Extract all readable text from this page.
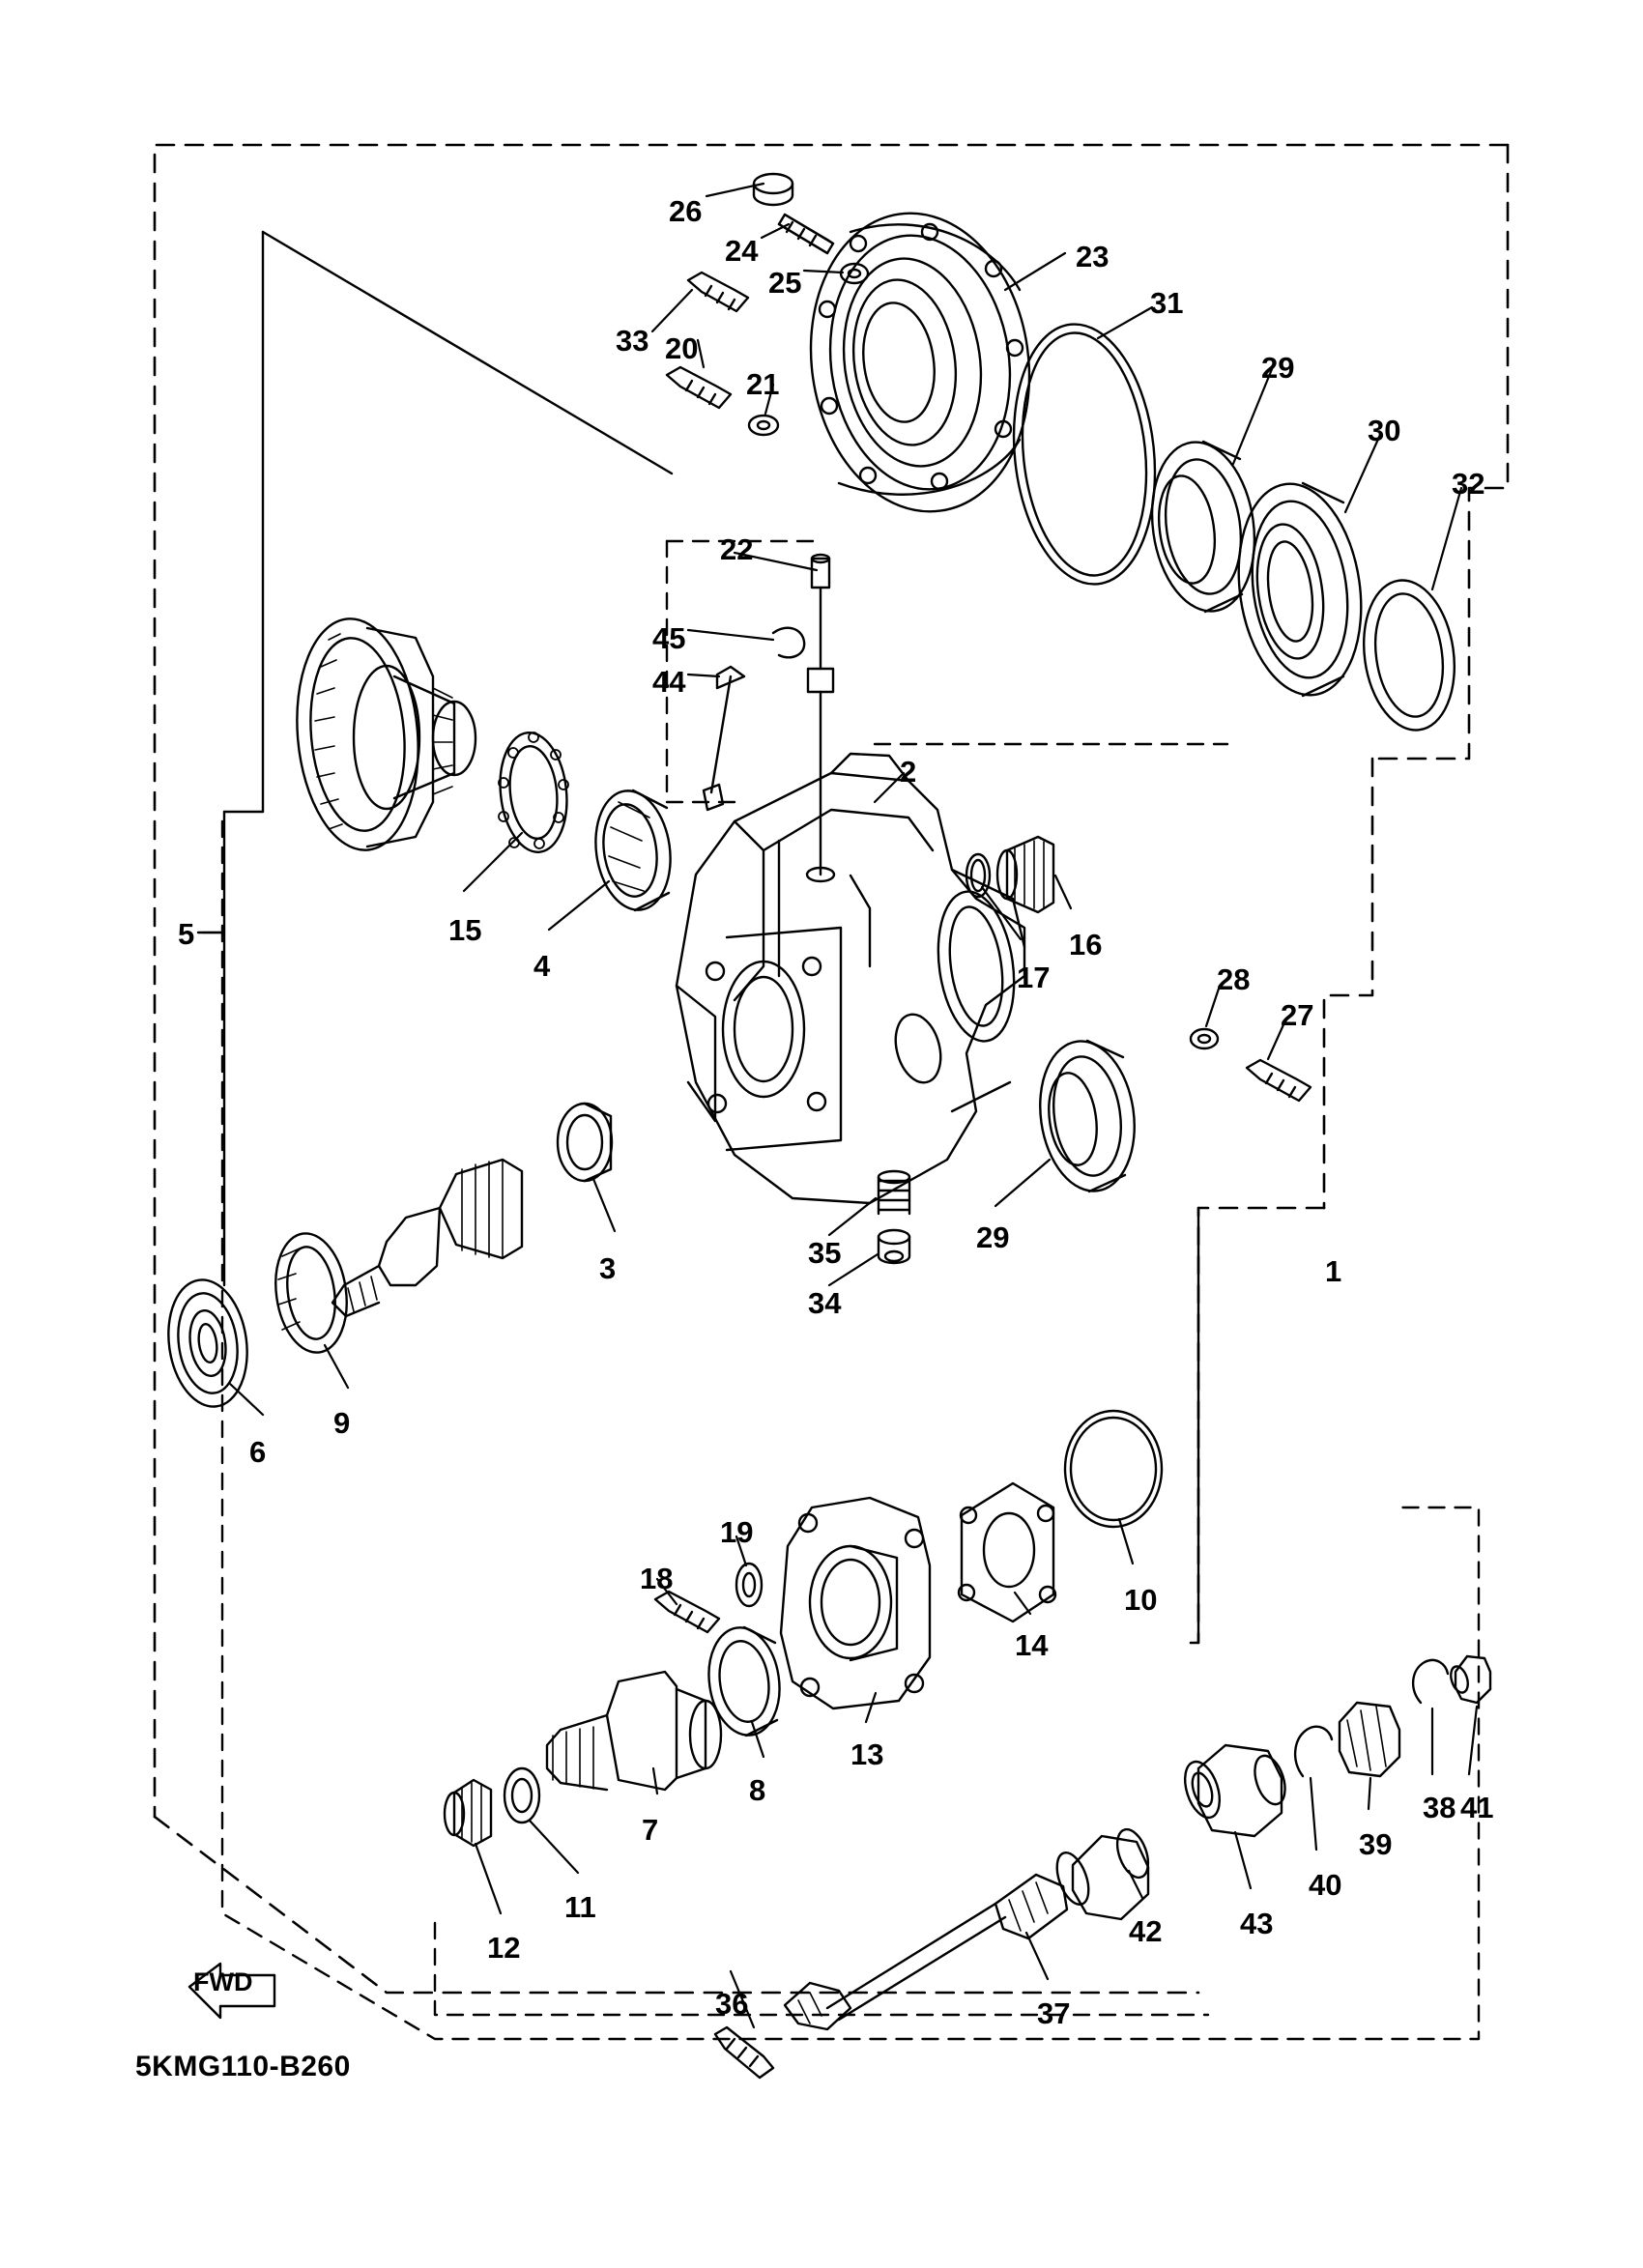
FWD
5KMG110-B260
1
2
3
4
5
6
7
8
9
10
11
12
13
14
15	16
17
18
19
20
21
22
23
24
25
26
27
28
29
29
30
31
32
33
34
35
36	37
38
39
40
41
42	43
44
45
